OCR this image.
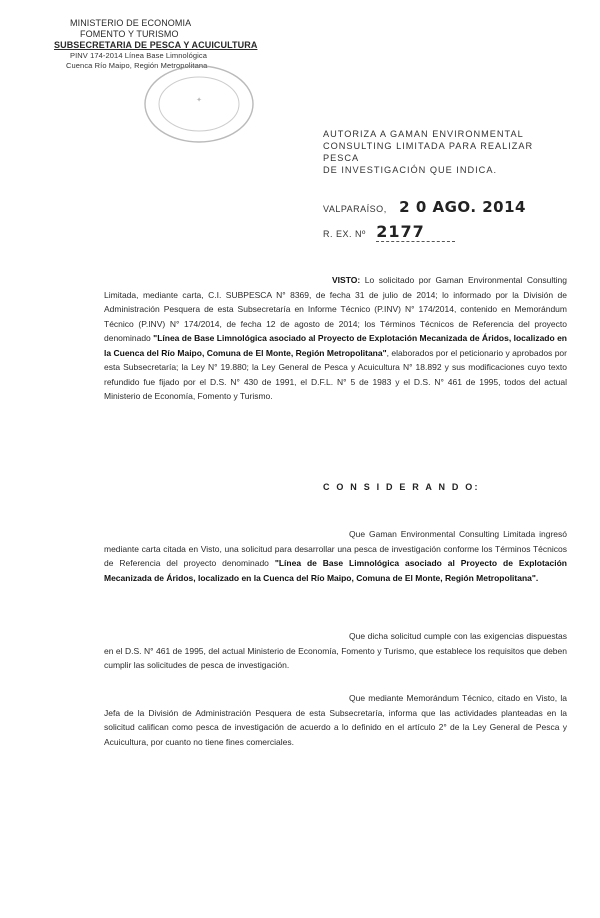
MINISTERIO DE ECONOMIA
FOMENTO Y TURISMO
SUBSECRETARIA DE PESCA Y ACUICULTURA
PINV 174-2014 Línea Base Limnológica
Cuenca Río Maipo, Región Metropolitana
✦
AUTORIZA A GAMAN ENVIRONMENTAL
CONSULTING LIMITADA PARA REALIZAR PESCA
DE INVESTIGACIÓN QUE INDICA.
VALPARAÍSO, 2 0 AGO. 2014
R. EX. Nº 2177
VISTO: Lo solicitado por Gaman Environmental Consulting Limitada, mediante carta, C.I. SUBPESCA N° 8369, de fecha 31 de julio de 2014; lo informado por la División de Administración Pesquera de esta Subsecretaría en Informe Técnico (P.INV) N° 174/2014, contenido en Memorándum Técnico (P.INV) N° 174/2014, de fecha 12 de agosto de 2014; los Términos Técnicos de Referencia del proyecto denominado "Línea de Base Limnológica asociado al Proyecto de Explotación Mecanizada de Áridos, localizado en la Cuenca del Río Maipo, Comuna de El Monte, Región Metropolitana", elaborados por el peticionario y aprobados por esta Subsecretaría; la Ley N° 19.880; la Ley General de Pesca y Acuicultura N° 18.892 y sus modificaciones cuyo texto refundido fue fijado por el D.S. N° 430 de 1991, el D.F.L. N° 5 de 1983 y el D.S. N° 461 de 1995, todos del actual Ministerio de Economía, Fomento y Turismo.
C O N S I D E R A N D O:
Que Gaman Environmental Consulting Limitada ingresó mediante carta citada en Visto, una solicitud para desarrollar una pesca de investigación conforme los Términos Técnicos de Referencia del proyecto denominado "Línea de Base Limnológica asociado al Proyecto de Explotación Mecanizada de Áridos, localizado en la Cuenca del Río Maipo, Comuna de El Monte, Región Metropolitana".
Que dicha solicitud cumple con las exigencias dispuestas en el D.S. N° 461 de 1995, del actual Ministerio de Economía, Fomento y Turismo, que establece los requisitos que deben cumplir las solicitudes de pesca de investigación.
Que mediante Memorándum Técnico, citado en Visto, la Jefa de la División de Administración Pesquera de esta Subsecretaría, informa que las actividades planteadas en la solicitud califican como pesca de investigación de acuerdo a lo definido en el artículo 2° de la Ley General de Pesca y Acuicultura, por cuanto no tiene fines comerciales.
